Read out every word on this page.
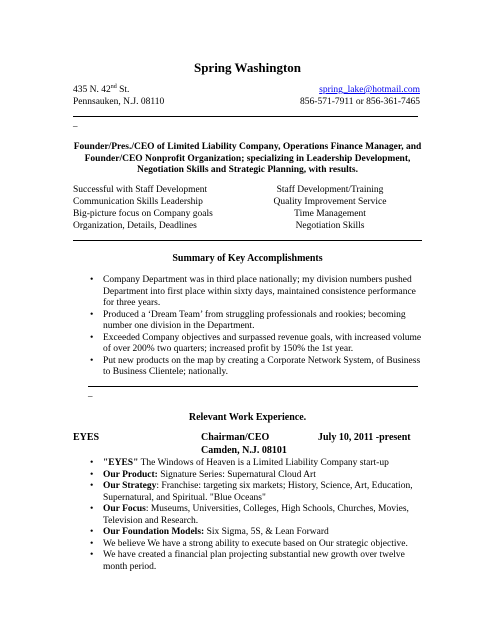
Spring Washington
435 N. 42nd St.
Pennsauken, N.J. 08110
spring_lake@hotmail.com
856-571-7911 or 856-361-7465
–
Founder/Pres./CEO of Limited Liability Company, Operations Finance Manager, and Founder/CEO Nonprofit Organization; specializing in Leadership Development, Negotiation Skills and Strategic Planning, with results.
Successful with Staff Development
Communication Skills Leadership
Big-picture focus on Company goals
Organization, Details, Deadlines
Staff Development/Training
Quality Improvement Service
Time Management
Negotiation Skills
Summary of Key Accomplishments
• Company Department was in third place nationally; my division numbers pushed Department into first place within sixty days, maintained consistence performance for three years.
• Produced a ‘Dream Team’ from struggling professionals and rookies; becoming number one division in the Department.
• Exceeded Company objectives and surpassed revenue goals, with increased volume of over 200% two quarters; increased profit by 150% the 1st year.
• Put new products on the map by creating a Corporate Network System, of Business to Business Clientele; nationally.
–
Relevant Work Experience.
EYES	Chairman/CEO	July 10, 2011 -present
Camden, N.J. 08101
• "EYES" The Windows of Heaven is a Limited Liability Company start-up
• Our Product: Signature Series: Supernatural Cloud Art
• Our Strategy: Franchise: targeting six markets; History, Science, Art, Education, Supernatural, and Spiritual. "Blue Oceans"
• Our Focus: Museums, Universities, Colleges, High Schools, Churches, Movies, Television and Research.
• Our Foundation Models: Six Sigma, 5S, & Lean Forward
• We believe We have a strong ability to execute based on Our strategic objective.
• We have created a financial plan projecting substantial new growth over twelve month period.
